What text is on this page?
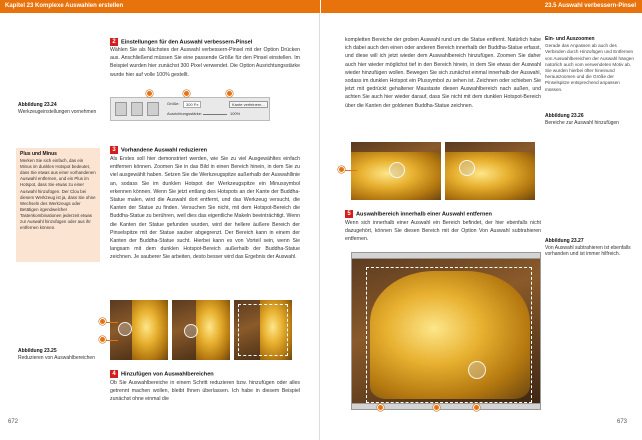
Kapitel 23 Komplexe Auswahlen erstellen
2 Einstellungen für den Auswahl verbessern-Pinsel
Wählen Sie als Nächstes der Auswahl verbessern-Pinsel mit der Option Drücken aus. Anschließend müssen Sie eine passende Größe für den Pinsel einstellen. Im Beispiel wurden hier zunächst 300 Pixel verwendet. Die Option Ausrichtungsstärke wurde hier auf volle 100% gestellt.
Abbildung 23.24
Werkzeugeinstellungen vornehmen
Größe:	300 Px
Ausrichtungsstärke:	100%
Kante verfeinern...
3 Vorhandene Auswahl reduzieren
Als Erstes soll hier demonstriert werden, wie Sie zu viel Ausgewähltes einfach entfernen können. Zoomen Sie in das Bild in einen Bereich hinein, in dem Sie zu viel ausgewählt haben. Setzen Sie die Werkzeugspitze außerhalb der Auswahllinie an, sodass Sie im dunklen Hotspot der Werkzeugspitze ein Minussymbol erkennen können. Wenn Sie jetzt entlang des Hotspots an der Kante der Buddha-Statue malen, wird die Auswahl dort entfernt, und das Werkzeug versucht, die Kanten der Statue zu finden. Versuchen Sie nicht, mit dem Hotspot-Bereich die Buddha-Statue zu berühren, weil dies das eigentliche Makeln beeinträchtigt. Wenn die Kanten der Statue gefunden wurden, wird der hellere äußere Bereich der Pinselspitze mit der Statue sauber abgegrenzt. Der Bereich kann in einem der Kanten der Buddha-Statue sucht. Hierbei kann es von Vorteil sein, wenn Sie langsam mit dem dunklen Hotspot-Bereich außerhalb der Buddha-Statue zeichnen. Je sauberer Sie arbeiten, desto besser wird das Ergebnis der Auswahl.
Plus und Minus
Merken Sie sich einfach, das ein Minus im dunklen Hotspot bedeutet, dass Sie etwas aus einer vorhandenen Auswahl entfernen, und ein Plus im Hotspot, dass Sie etwas zu einer Auswahl hinzufügen. Der Clou bei diesem Werkzeug ist ja, dass Sie ohne Wechseln des Werkzeugs oder Betätigen irgendwelcher Tastenkombinationen jederzeit etwas zur Auswahl hinzufügen oder aus ihr entfernen können.
Abbildung 23.25
Reduzieren von Auswahlbereichen
4 Hinzufügen von Auswahlbereichen
Ob Sie Auswahlbereiche in einem Schritt reduzieren bzw. hinzufügen oder alles getrennt machen wollen, bleibt Ihnen überlassen. Ich habe in diesem Beispiel zunächst ohne einmal die
672
23.5 Auswahl verbessern-Pinsel
kompletten Bereiche der groben Auswahl rund um die Statue entfernt. Natürlich habe ich dabei auch den einen oder anderen Bereich innerhalb der Buddha-Statue erfasst, und diese will ich jetzt wieder dem Auswahlbereich hinzufügen. Zoomen Sie daher auch hier wieder möglichst tief in den Bereich hinein, in dem Sie etwas der Auswahl wieder hinzufügen wollen. Bewegen Sie sich zunächst einmal innerhalb der Auswahl, sodass im dunklen Hotspot ein Plussymbol zu sehen ist. Zeichnen oder schieben Sie jetzt mit gedrückt gehaltener Maustaste diesen Auswahlbereich nach außen, und achten Sie auch hier wieder darauf, dass Sie nicht mit dem dunklen Hotspot-Bereich über die Kanten der goldenen Buddha-Statue zeichnen.
Ein- und Auszoomen
Gerade das Anpassen ab auch des Verbinden durch Hinzufügen und Entfernen von Auswahlbereichen der Auswahl hängen natürlich auch vom verwendeten Motiv ab. Sie wurden hierbei öfter hineinund herauszoomen und die Größe der Pinselspitze entsprechend anpassen müssen.
Abbildung 23.26
Bereiche zur Auswahl hinzufügen
5 Auswahlbereich innerhalb einer Auswahl entfernen
Wenn sich innerhalb einer Auswahl ein Bereich befindet, der hier ebenfalls nicht dazugehört, können Sie diesen Bereich mit der Option Von Auswahl subtrahieren entfernen.	Abbildung 23.27
Von Auswahl subtrahieren ist ebenfalls vorhanden und ist immer hilfreich.
673
